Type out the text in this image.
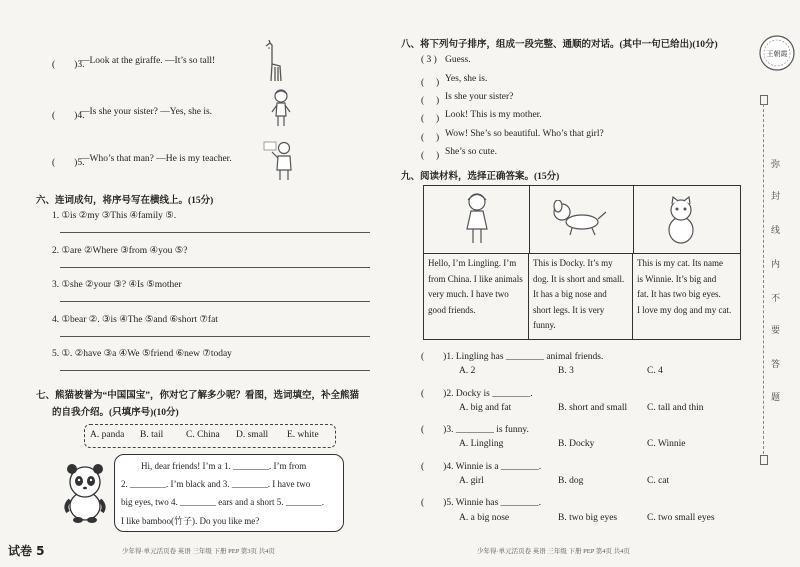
(　　)3.
—Look at the giraffe. —It’s so tall!
(　　)4.
—Is she your sister? —Yes, she is.
(　　)5.
—Who’s that man? —He is my teacher.
六、连词成句，将序号写在横线上。(15分)
1. ①is ②my ③This ④family ⑤.
2. ①are ②Where ③from ④you ⑤?
3. ①she ②your ③? ④Is ⑤mother
4. ①bear ②. ③is ④The ⑤and ⑥short ⑦fat
5. ①. ②have ③a ④We ⑤friend ⑥new ⑦today
七、熊猫被誉为“中国国宝”，你对它了解多少呢？看图，选词填空，补全熊猫
的自我介绍。(只填序号)(10分)
A. panda B. tail C. China D. small E. white
Hi, dear friends! I’m a 1. ________. I’m from
2. ________. I’m black and 3. ________. I have two
big eyes, two 4. ________ ears and a short 5. ________.
I like bamboo(竹子). Do you like me?
试卷 5	少年得·单元活页卷 英语 三年级 下册 PEP 第3页 共4页
八、将下列句子排序，组成一段完整、通顺的对话。(其中一句已给出)(10分)
( 3 ) Guess.
(　 ) Yes, she is.
(　 ) Is she your sister?
(　 ) Look! This is my mother.
(　 ) Wow! She’s so beautiful. Who’s that girl?
(　 ) She’s so cute.
九、阅读材料，选择正确答案。(15分)
Hello, I’m Lingling. I’m
from China. I like animals
very much. I have two
good friends.
This is Docky. It’s my
dog. It is short and small.
It has a big nose and
short legs. It is very
funny.
This is my cat. Its name
is Winnie. It’s big and
fat. It has two big eyes.
I love my dog and my cat.
(　　)1. Lingling has ________ animal friends.
A. 2	B. 3	C. 4
(　　)2. Docky is ________.
A. big and fat	B. short and small C. tall and thin
(　　)3. ________ is funny.
A. Lingling	B. Docky	C. Winnie
(　　)4. Winnie is a ________.
A. girl	B. dog	C. cat
(　　)5. Winnie has ________.
A. a big nose	B. two big eyes	C. two small eyes
少年得·单元活页卷 英语 三年级 下册 PEP 第4页 共4页
王朝霞
弥
封
线
内
不
要
答
题
